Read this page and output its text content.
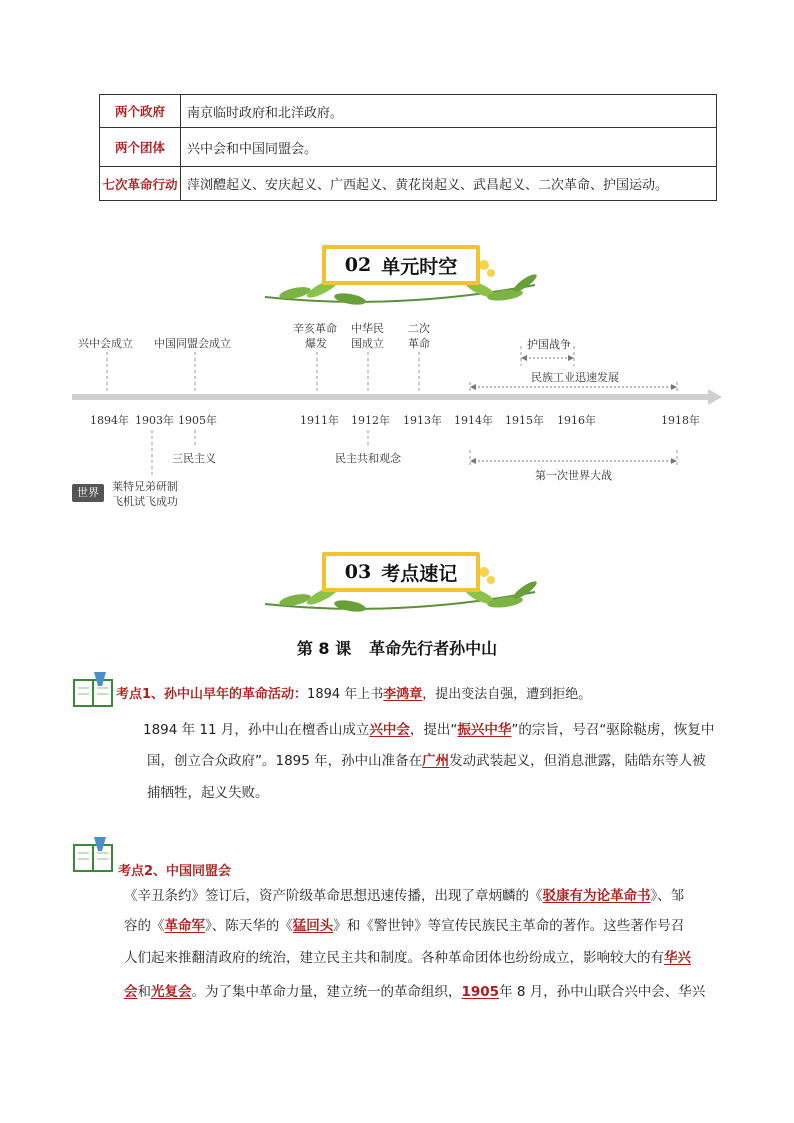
两个政府	南京临时政府和北洋政府。
两个团体	兴中会和中国同盟会。
七次革命行动	萍浏醴起义、安庆起义、广西起义、黄花岗起义、武昌起义、二次革命、护国运动。
02 单元时空
兴中会成立 中国同盟会成立
辛亥革命
爆发
中华民
国成立
二次
革命	护国战争
民族工业迅速发展
1894年 1903年 1905年	1911年 1912年 1913年 1914年 1915年 1916年	1918年
三民主义	民主共和观念
第一次世界大战
世界	莱特兄弟研制
飞机试飞成功
03 考点速记
第 8 课 革命先行者孙中山
考点1、孙中山早年的革命活动：1894 年上书李鸿章，提出变法自强，遭到拒绝。
1894 年 11 月，孙中山在檀香山成立兴中会，提出“振兴中华”的宗旨，号召“驱除鞑虏，恢复中
国，创立合众政府”。1895 年，孙中山准备在广州发动武装起义，但消息泄露，陆皓东等人被
捕牺牲，起义失败。
考点2、中国同盟会
《辛丑条约》签订后，资产阶级革命思想迅速传播，出现了章炳麟的《驳康有为论革命书》、邹
容的《革命军》、陈天华的《猛回头》和《警世钟》等宣传民族民主革命的著作。这些著作号召
人们起来推翻清政府的统治，建立民主共和制度。各种革命团体也纷纷成立，影响较大的有华兴
会和光复会。为了集中革命力量，建立统一的革命组织，1905年 8 月，孙中山联合兴中会、华兴
